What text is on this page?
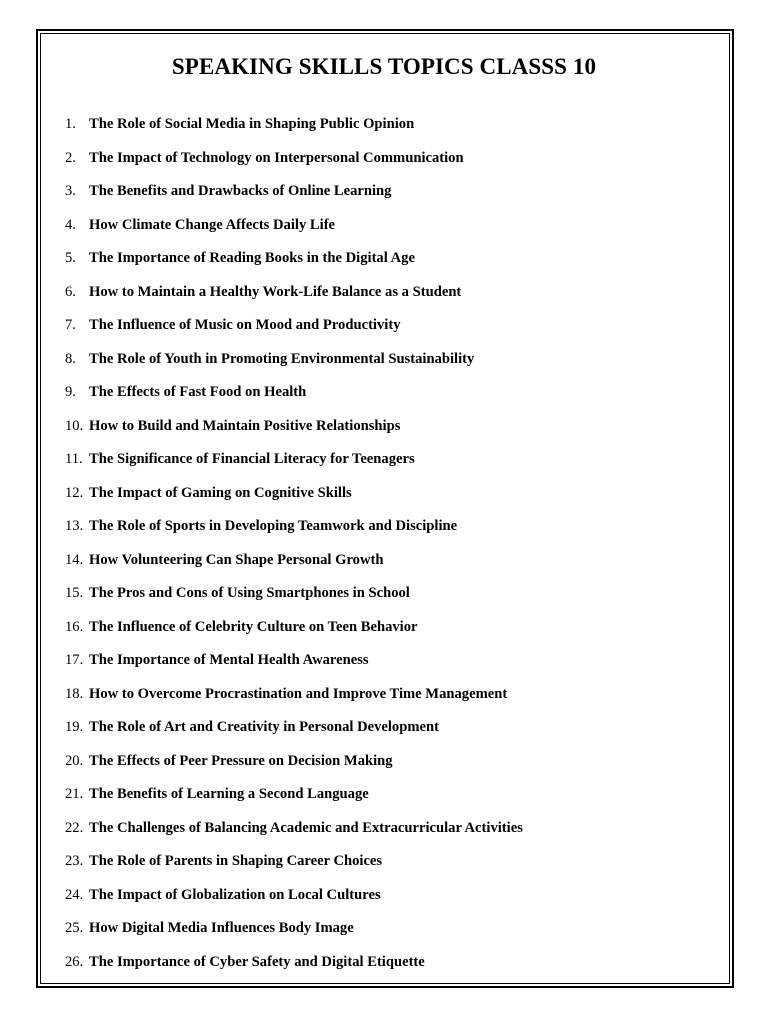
SPEAKING SKILLS TOPICS CLASSS 10
1. The Role of Social Media in Shaping Public Opinion
2. The Impact of Technology on Interpersonal Communication
3. The Benefits and Drawbacks of Online Learning
4. How Climate Change Affects Daily Life
5. The Importance of Reading Books in the Digital Age
6. How to Maintain a Healthy Work-Life Balance as a Student
7. The Influence of Music on Mood and Productivity
8. The Role of Youth in Promoting Environmental Sustainability
9. The Effects of Fast Food on Health
10. How to Build and Maintain Positive Relationships
11. The Significance of Financial Literacy for Teenagers
12. The Impact of Gaming on Cognitive Skills
13. The Role of Sports in Developing Teamwork and Discipline
14. How Volunteering Can Shape Personal Growth
15. The Pros and Cons of Using Smartphones in School
16. The Influence of Celebrity Culture on Teen Behavior
17. The Importance of Mental Health Awareness
18. How to Overcome Procrastination and Improve Time Management
19. The Role of Art and Creativity in Personal Development
20. The Effects of Peer Pressure on Decision Making
21. The Benefits of Learning a Second Language
22. The Challenges of Balancing Academic and Extracurricular Activities
23. The Role of Parents in Shaping Career Choices
24. The Impact of Globalization on Local Cultures
25. How Digital Media Influences Body Image
26. The Importance of Cyber Safety and Digital Etiquette
